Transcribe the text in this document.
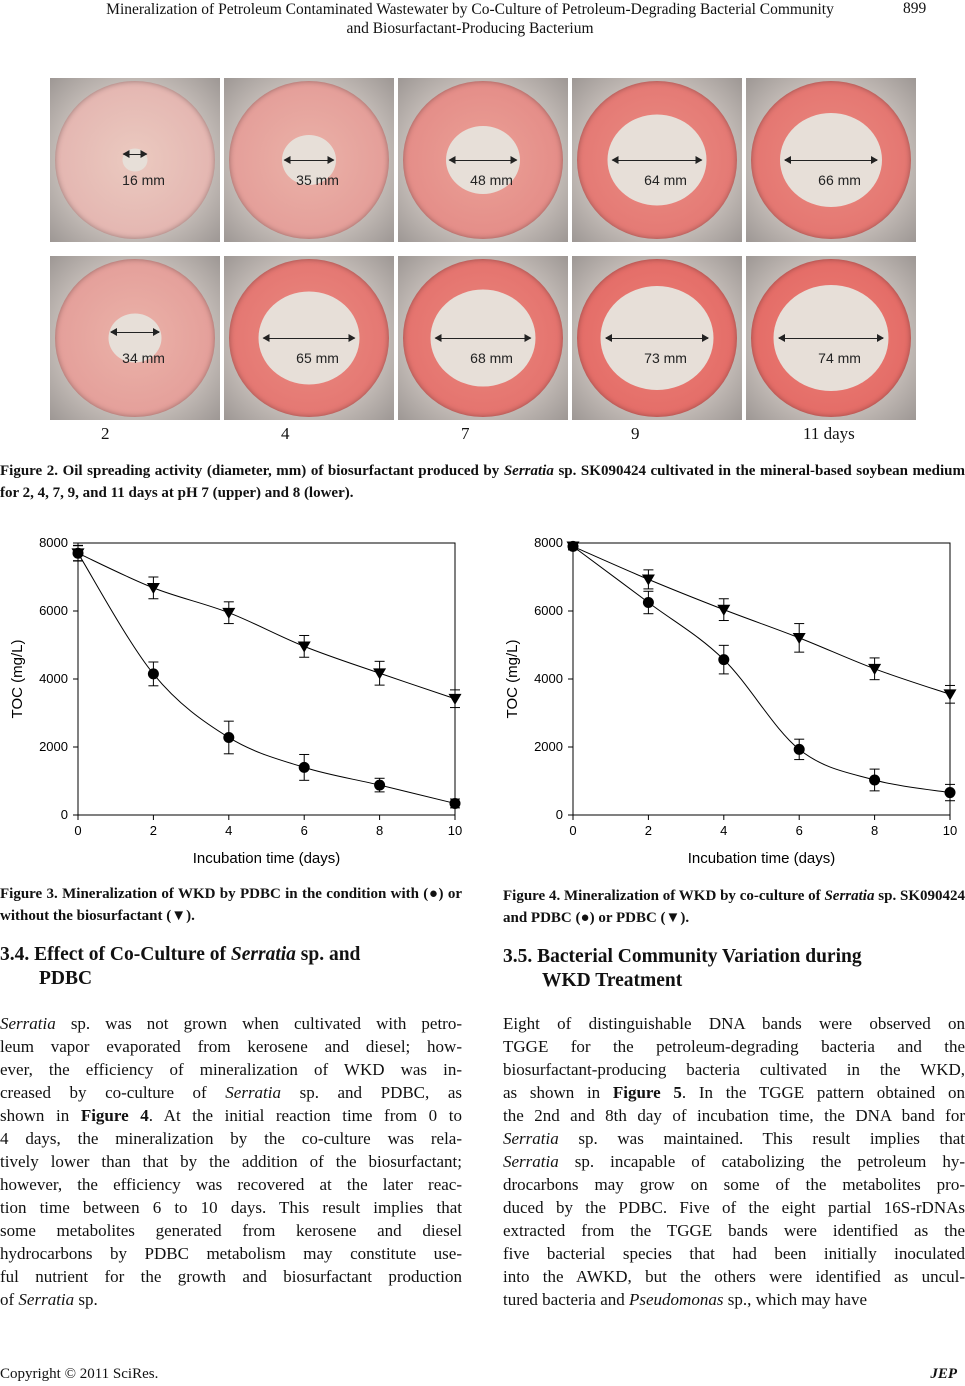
Mineralization of Petroleum Contaminated Wastewater by Co-Culture of Petroleum-Degrading Bacterial Community
and Biosurfactant-Producing Bacterium
899
16 mm	35 mm	48 mm	64 mm	66 mm
34 mm	65 mm	68 mm	73 mm	74 mm
2	4	7	9	11 days
Figure 2. Oil spreading activity (diameter, mm) of biosurfactant produced by Serratia sp. SK090424 cultivated in the mineral-based soybean medium for 2, 4, 7, 9, and 11 days at pH 7 (upper) and 8 (lower).
0	2	4	6	8	10
0
2000
4000
6000
8000
Incubation time (days)
TOC (mg/L)
0	2	4	6	8	10
0
2000
4000
6000
8000
Incubation time (days)
TOC (mg/L)
Figure 3. Mineralization of WKD by PDBC in the condition with (●) or without the biosurfactant (▼).
Figure 4. Mineralization of WKD by co-culture of Serratia sp. SK090424 and PDBC (●) or PDBC (▼).
3.4. Effect of Co-Culture of Serratia sp. and
PDBC
Serratia sp. was not grown when cultivated with petro-
leum vapor evaporated from kerosene and diesel; how-
ever, the efficiency of mineralization of WKD was in-
creased by co-culture of Serratia sp. and PDBC, as
shown in Figure 4. At the initial reaction time from 0 to
4 days, the mineralization by the co-culture was rela-
tively lower than that by the addition of the biosurfactant;
however, the efficiency was recovered at the later reac-
tion time between 6 to 10 days. This result implies that
some metabolites generated from kerosene and diesel
hydrocarbons by PDBC metabolism may constitute use-
ful nutrient for the growth and biosurfactant production
of Serratia sp.
3.5. Bacterial Community Variation during
WKD Treatment
Eight of distinguishable DNA bands were observed on
TGGE for the petroleum-degrading bacteria and the
biosurfactant-producing bacteria cultivated in the WKD,
as shown in Figure 5. In the TGGE pattern obtained on
the 2nd and 8th day of incubation time, the DNA band for
Serratia sp. was maintained. This result implies that
Serratia sp. incapable of catabolizing the petroleum hy-
drocarbons may grow on some of the metabolites pro-
duced by the PDBC. Five of the eight partial 16S-rDNAs
extracted from the TGGE bands were identified as the
five bacterial species that had been initially inoculated
into the AWKD, but the others were identified as uncul-
tured bacteria and Pseudomonas sp., which may have
Copyright © 2011 SciRes.	JEP
